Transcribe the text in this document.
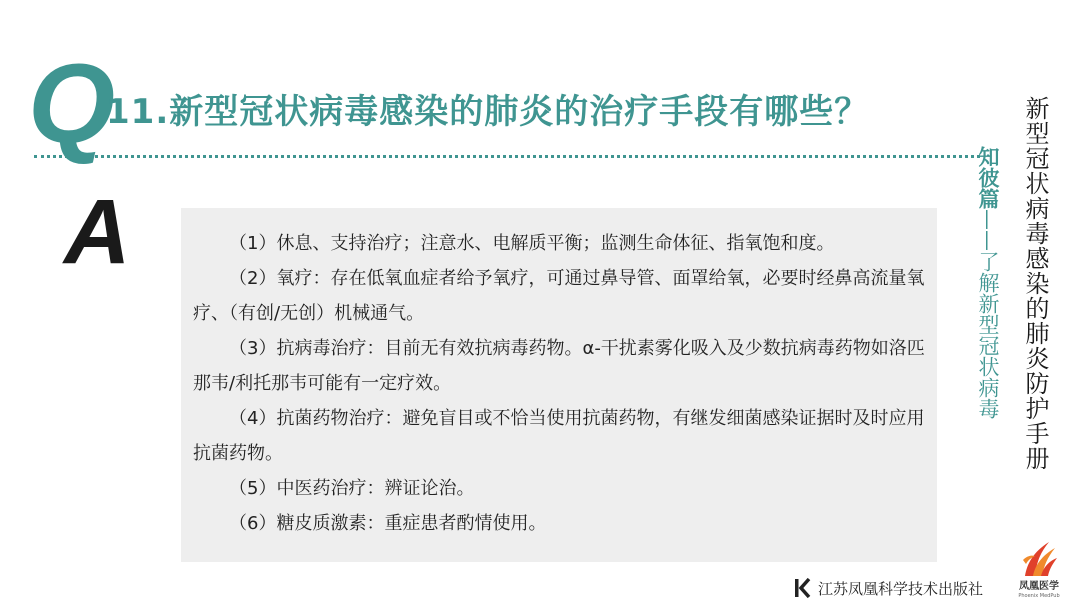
Q
11.新型冠状病毒感染的肺炎的治疗手段有哪些？
A	（1）休息、支持治疗；注意水、电解质平衡；监测生命体征、指氧饱和度。

（2）氧疗：存在低氧血症者给予氧疗，可通过鼻导管、面罩给氧，必要时经鼻高流量氧疗、（有创/无创）机械通气。

（3）抗病毒治疗：目前无有效抗病毒药物。α-干扰素雾化吸入及少数抗病毒药物如洛匹那韦/利托那韦可能有一定疗效。

（4）抗菌药物治疗：避免盲目或不恰当使用抗菌药物，有继发细菌感染证据时及时应用抗菌药物。

（5）中医药治疗：辨证论治。

（6）糖皮质激素：重症患者酌情使用。

知彼篇——了解新型冠状病毒 新型冠状病毒感染的肺炎防护手册
江苏凤凰科学技术出版社	凤凰医学
Phoenix MedPub
